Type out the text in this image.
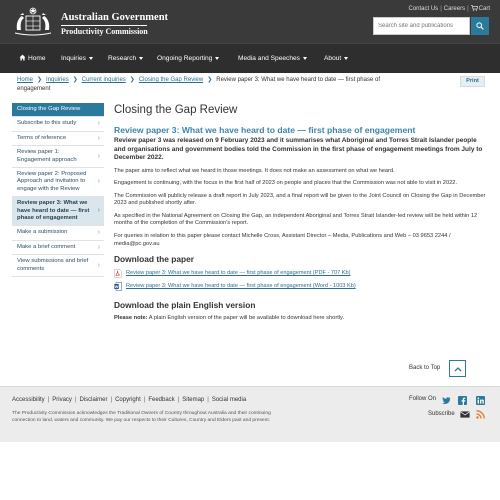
Australian Government
Productivity Commission
Contact Us | Careers | Cart
Search site and publications
Home Inquiries	Research	Ongoing Reporting	Media and Speeches	About
Home ❯ Inquiries ❯ Current inquiries ❯ Closing the Gap Review ❯ Review paper 3: What we have heard to date — first phase of engagement
Print
Closing the Gap Review
Subscribe to this study	›
Terms of reference	›
Review paper 1: Engagement approach	›
Review paper 2: Proposed Approach and invitation to engage with the Review
›
Review paper 3: What we have heard to date — first phase of engagement
›
Make a submission	›
Make a brief comment	›
View submissions and brief comments	›
Closing the Gap Review
Review paper 3: What we have heard to date — first phase of engagement

Review paper 3 was released on 9 February 2023 and it summarises what Aboriginal and Torres Strait Islander people and organisations and government bodies told the Commission in the first phase of engagement meetings from July to December 2022.

The paper aims to reflect what we heard in those meetings. It does not make an assessment on what we heard.

Engagement is continuing, with the focus in the first half of 2023 on people and places that the Commission was not able to visit in 2022.

The Commission will publicly release a draft report in July 2023, and a final report will be given to the Joint Council on Closing the Gap in December 2023 and published shortly after.

As specified in the National Agreement on Closing the Gap, an independent Aboriginal and Torres Strait Islander-led review will be held within 12 months of the completion of the Commission's report.

For queries in relation to this paper please contact Michelle Cross, Assistant Director – Media, Publications and Web – 03 9653 2244 / media@pc.gov.au

Download the paper
Review paper 3: What we have heard to date — first phase of engagement (PDF - 707 Kb)
W Review paper 3: What we have heard to date — first phase of engagement (Word - 1003 Kb)
Download the plain English version

Please note: A plain English version of the paper will be available to download here shortly.

Back to Top
Accessibility | Privacy | Disclaimer | Copyright | Feedback | Sitemap | Social media
The Productivity Commission acknowledges the Traditional Owners of Country throughout Australia and their continuing connection to land, waters and community. We pay our respects to their Cultures, Country and Elders past and present.
Follow On
Subscribe
